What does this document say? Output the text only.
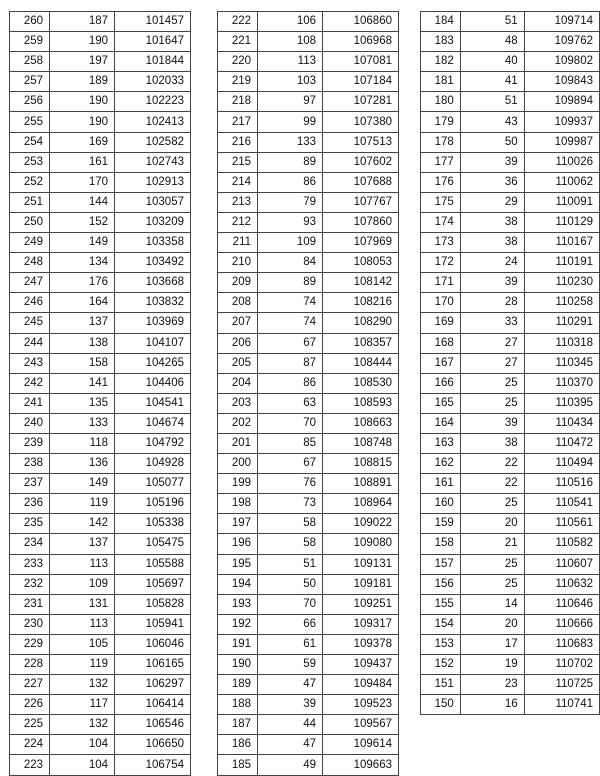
260	187	101457
259	190	101647
258	197	101844
257	189	102033
256	190	102223
255	190	102413
254	169	102582
253	161	102743
252	170	102913
251	144	103057
250	152	103209
249	149	103358
248	134	103492
247	176	103668
246	164	103832
245	137	103969
244	138	104107
243	158	104265
242	141	104406
241	135	104541
240	133	104674
239	118	104792
238	136	104928
237	149	105077
236	119	105196
235	142	105338
234	137	105475
233	113	105588
232	109	105697
231	131	105828
230	113	105941
229	105	106046
228	119	106165
227	132	106297
226	117	106414
225	132	106546
224	104	106650
223	104	106754
222	106	106860
221	108	106968
220	113	107081
219	103	107184
218	97	107281
217	99	107380
216	133	107513
215	89	107602
214	86	107688
213	79	107767
212	93	107860
211	109	107969
210	84	108053
209	89	108142
208	74	108216
207	74	108290
206	67	108357
205	87	108444
204	86	108530
203	63	108593
202	70	108663
201	85	108748
200	67	108815
199	76	108891
198	73	108964
197	58	109022
196	58	109080
195	51	109131
194	50	109181
193	70	109251
192	66	109317
191	61	109378
190	59	109437
189	47	109484
188	39	109523
187	44	109567
186	47	109614
185	49	109663
184	51	109714
183	48	109762
182	40	109802
181	41	109843
180	51	109894
179	43	109937
178	50	109987
177	39	110026
176	36	110062
175	29	110091
174	38	110129
173	38	110167
172	24	110191
171	39	110230
170	28	110258
169	33	110291
168	27	110318
167	27	110345
166	25	110370
165	25	110395
164	39	110434
163	38	110472
162	22	110494
161	22	110516
160	25	110541
159	20	110561
158	21	110582
157	25	110607
156	25	110632
155	14	110646
154	20	110666
153	17	110683
152	19	110702
151	23	110725
150	16	110741
